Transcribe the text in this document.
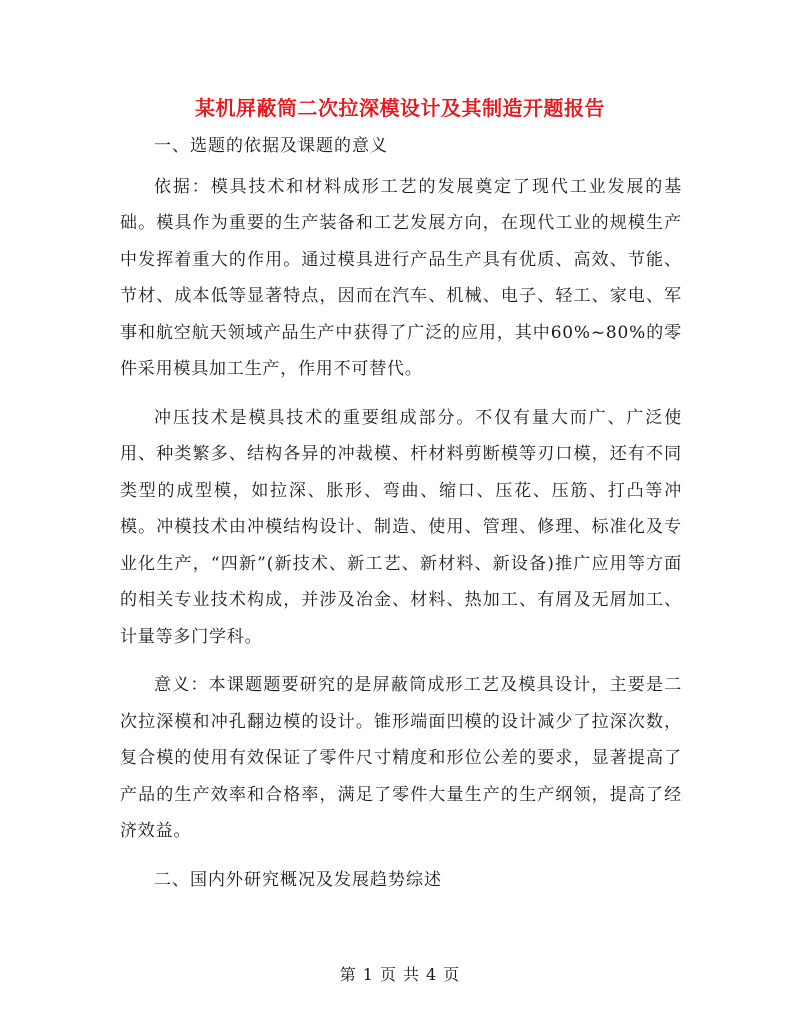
某机屏蔽筒二次拉深模设计及其制造开题报告

一、选题的依据及课题的意义

依据：模具技术和材料成形工艺的发展奠定了现代工业发展的基础。模具作为重要的生产装备和工艺发展方向，在现代工业的规模生产中发挥着重大的作用。通过模具进行产品生产具有优质、高效、节能、节材、成本低等显著特点，因而在汽车、机械、电子、轻工、家电、军事和航空航天领域产品生产中获得了广泛的应用，其中60%~80%的零件采用模具加工生产，作用不可替代。

冲压技术是模具技术的重要组成部分。不仅有量大而广、广泛使用、种类繁多、结构各异的冲裁模、杆材料剪断模等刃口模，还有不同类型的成型模，如拉深、胀形、弯曲、缩口、压花、压筋、打凸等冲模。冲模技术由冲模结构设计、制造、使用、管理、修理、标准化及专业化生产，“四新”(新技术、新工艺、新材料、新设备)推广应用等方面的相关专业技术构成，并涉及冶金、材料、热加工、有屑及无屑加工、计量等多门学科。

意义：本课题题要研究的是屏蔽筒成形工艺及模具设计，主要是二次拉深模和冲孔翻边模的设计。锥形端面凹模的设计减少了拉深次数，复合模的使用有效保证了零件尺寸精度和形位公差的要求，显著提高了产品的生产效率和合格率，满足了零件大量生产的生产纲领，提高了经济效益。

二、国内外研究概况及发展趋势综述

第 1 页 共 4 页
